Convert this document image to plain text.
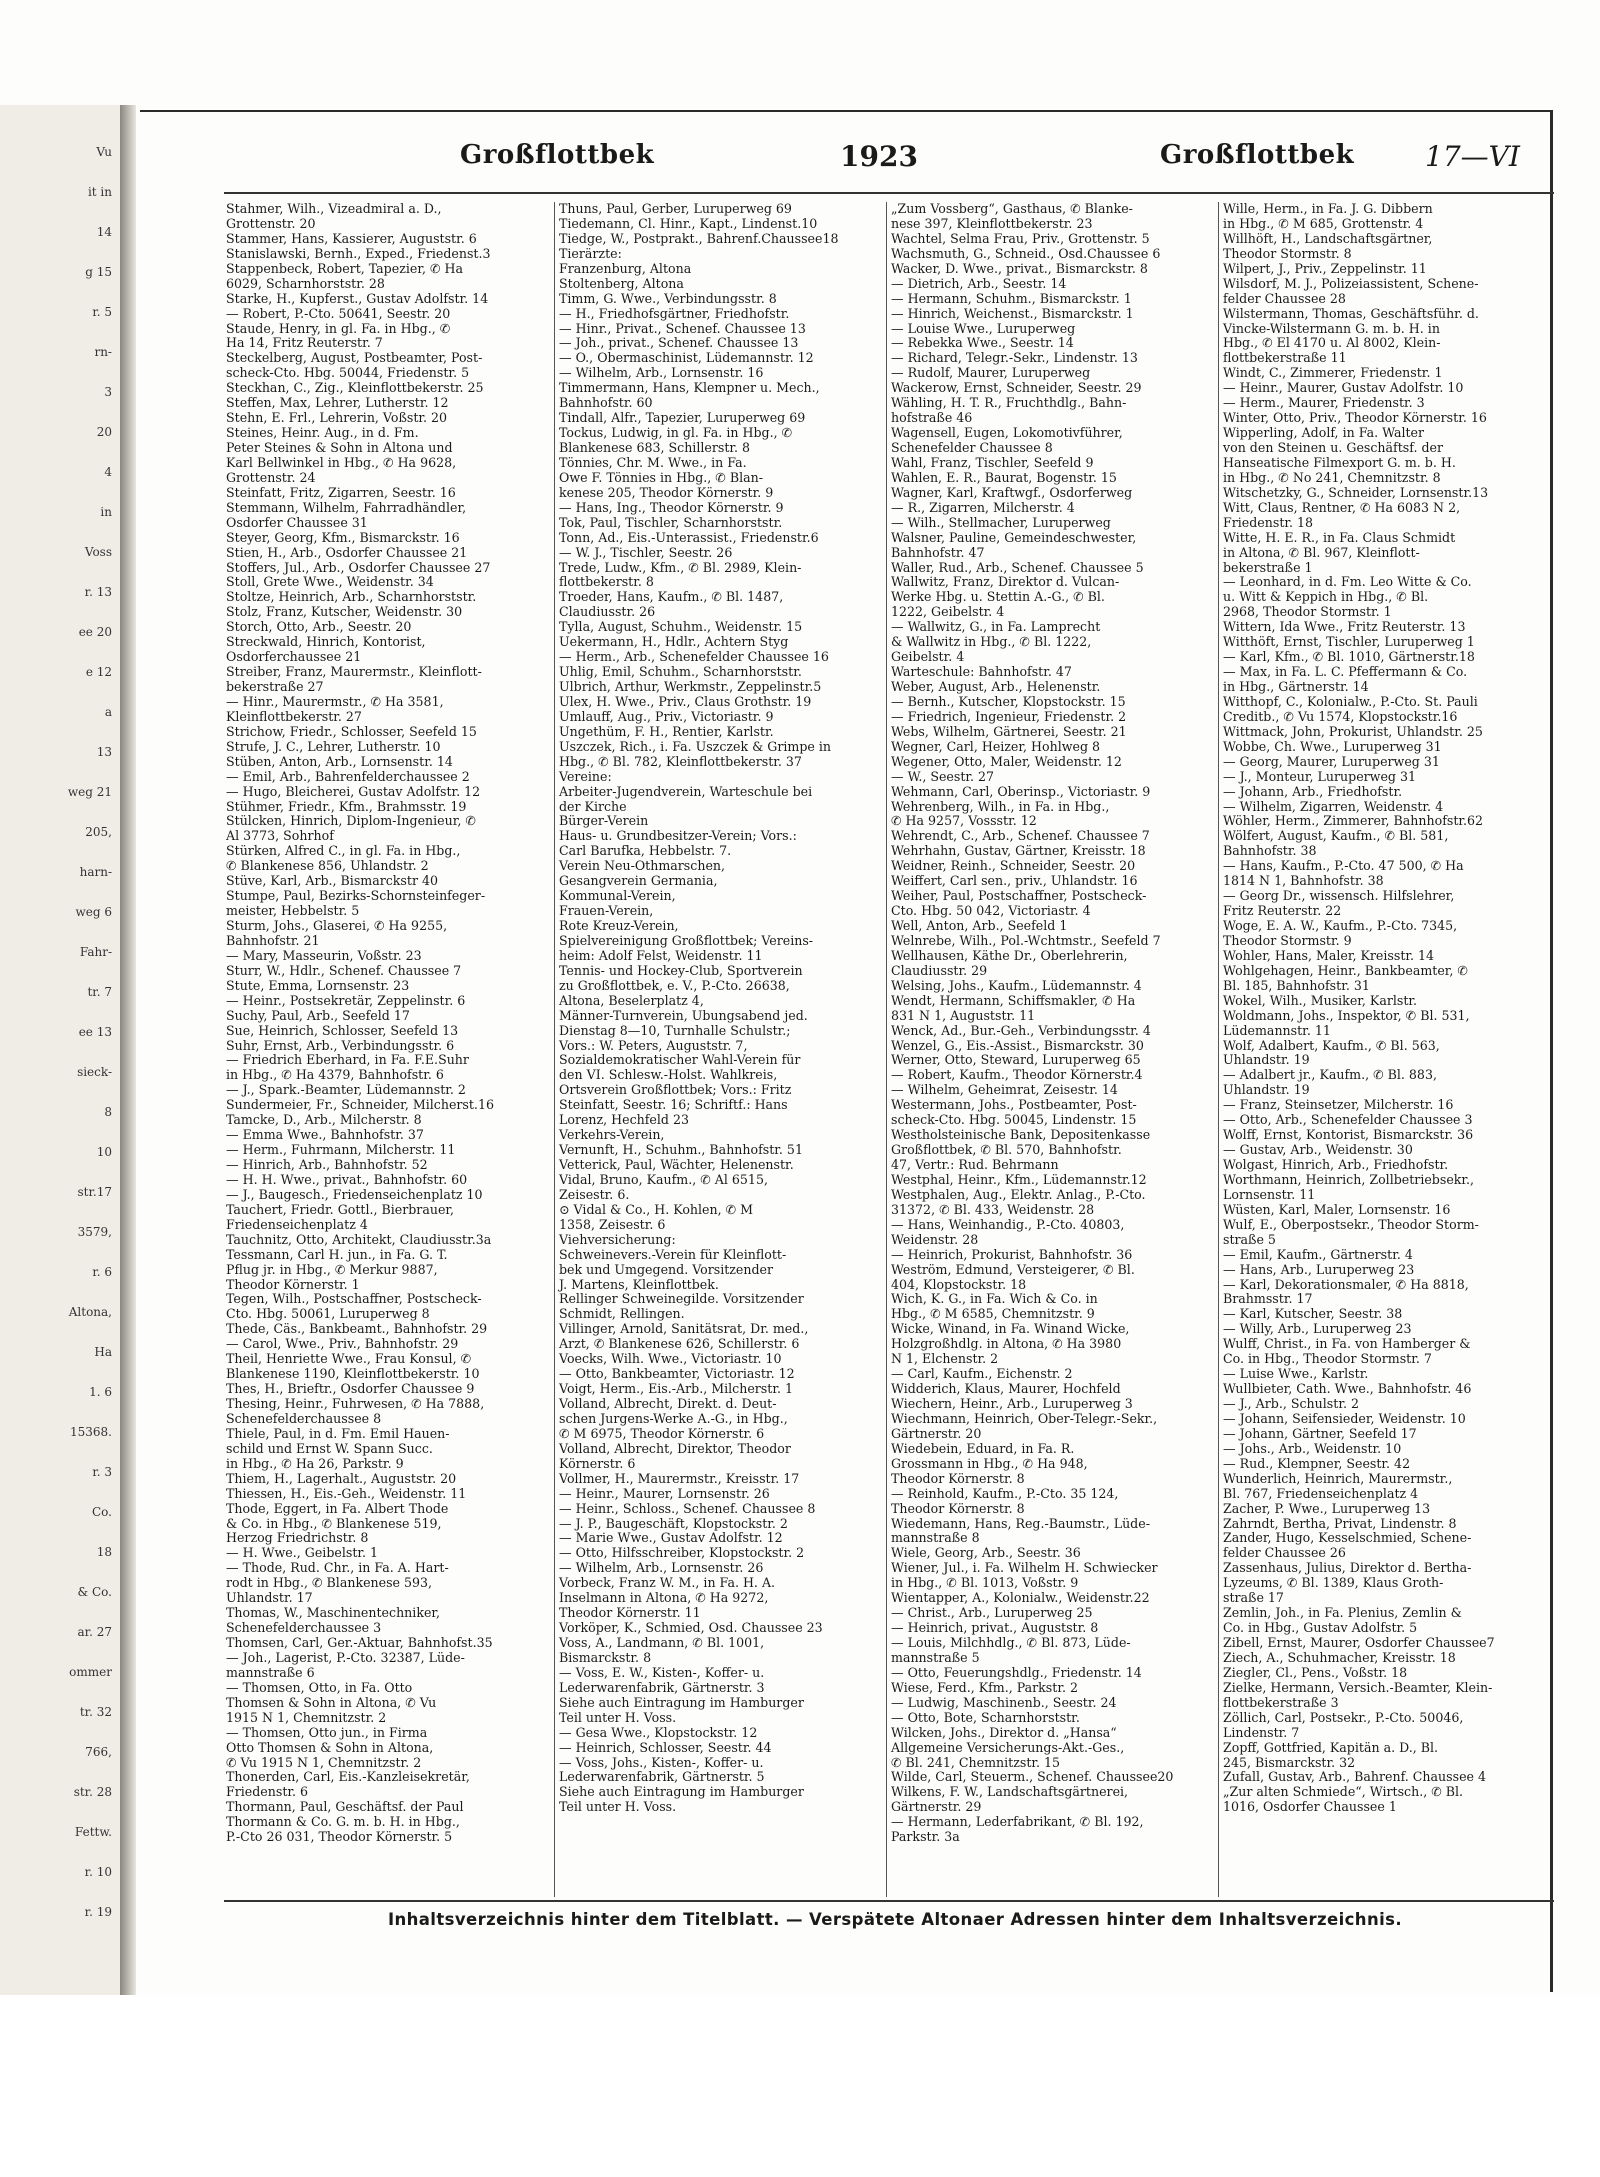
Vu
it in
14
g 15
r. 5
rn-
3
20
4
in
Voss
r. 13
ee 20
e 12
a
13
weg 21
205,
harn-
weg 6
Fahr-
tr. 7
ee 13
sieck-
8
10
str.17
3579,
r. 6
Altona,
Ha
1. 6
15368.
r. 3
Co.
18
& Co.
ar. 27
ommer
tr. 32
766,
str. 28
Fettw.
r. 10
r. 19
Großflottbek	1923	Großflottbek	17—VI
Stahmer, Wilh., Vizeadmiral a. D.,
Grottenstr. 20
Stammer, Hans, Kassierer, Auguststr. 6
Stanislawski, Bernh., Exped., Friedenst.3
Stappenbeck, Robert, Tapezier, ✆ Ha
6029, Scharnhorststr. 28
Starke, H., Kupferst., Gustav Adolfstr. 14
— Robert, P.-Cto. 50641, Seestr. 20
Staude, Henry, in gl. Fa. in Hbg., ✆
Ha 14, Fritz Reuterstr. 7
Steckelberg, August, Postbeamter, Post-
scheck-Cto. Hbg. 50044, Friedenstr. 5
Steckhan, C., Zig., Kleinflottbekerstr. 25
Steffen, Max, Lehrer, Lutherstr. 12
Stehn, E. Frl., Lehrerin, Voßstr. 20
Steines, Heinr. Aug., in d. Fm.
Peter Steines & Sohn in Altona und
Karl Bellwinkel in Hbg., ✆ Ha 9628,
Grottenstr. 24
Steinfatt, Fritz, Zigarren, Seestr. 16
Stemmann, Wilhelm, Fahrradhändler,
Osdorfer Chaussee 31
Steyer, Georg, Kfm., Bismarckstr. 16
Stien, H., Arb., Osdorfer Chaussee 21
Stoffers, Jul., Arb., Osdorfer Chaussee 27
Stoll, Grete Wwe., Weidenstr. 34
Stoltze, Heinrich, Arb., Scharnhorststr.
Stolz, Franz, Kutscher, Weidenstr. 30
Storch, Otto, Arb., Seestr. 20
Streckwald, Hinrich, Kontorist,
Osdorferchaussee 21
Streiber, Franz, Maurermstr., Kleinflott-
bekerstraße 27
— Hinr., Maurermstr., ✆ Ha 3581,
Kleinflottbekerstr. 27
Strichow, Friedr., Schlosser, Seefeld 15
Strufe, J. C., Lehrer, Lutherstr. 10
Stüben, Anton, Arb., Lornsenstr. 14
— Emil, Arb., Bahrenfelderchaussee 2
— Hugo, Bleicherei, Gustav Adolfstr. 12
Stühmer, Friedr., Kfm., Brahmsstr. 19
Stülcken, Hinrich, Diplom-Ingenieur, ✆
Al 3773, Sohrhof
Stürken, Alfred C., in gl. Fa. in Hbg.,
✆ Blankenese 856, Uhlandstr. 2
Stüve, Karl, Arb., Bismarckstr 40
Stumpe, Paul, Bezirks-Schornsteinfeger-
meister, Hebbelstr. 5
Sturm, Johs., Glaserei, ✆ Ha 9255,
Bahnhofstr. 21
— Mary, Masseurin, Voßstr. 23
Sturr, W., Hdlr., Schenef. Chaussee 7
Stute, Emma, Lornsenstr. 23
— Heinr., Postsekretär, Zeppelinstr. 6
Suchy, Paul, Arb., Seefeld 17
Sue, Heinrich, Schlosser, Seefeld 13
Suhr, Ernst, Arb., Verbindungsstr. 6
— Friedrich Eberhard, in Fa. F.E.Suhr
in Hbg., ✆ Ha 4379, Bahnhofstr. 6
— J., Spark.-Beamter, Lüdemannstr. 2
Sundermeier, Fr., Schneider, Milcherst.16
Tamcke, D., Arb., Milcherstr. 8
— Emma Wwe., Bahnhofstr. 37
— Herm., Fuhrmann, Milcherstr. 11
— Hinrich, Arb., Bahnhofstr. 52
— H. H. Wwe., privat., Bahnhofstr. 60
— J., Baugesch., Friedenseichenplatz 10
Tauchert, Friedr. Gottl., Bierbrauer,
Friedenseichenplatz 4
Tauchnitz, Otto, Architekt, Claudiusstr.3a
Tessmann, Carl H. jun., in Fa. G. T.
Pflug jr. in Hbg., ✆ Merkur 9887,
Theodor Körnerstr. 1
Tegen, Wilh., Postschaffner, Postscheck-
Cto. Hbg. 50061, Luruperweg 8
Thede, Cäs., Bankbeamt., Bahnhofstr. 29
— Carol, Wwe., Priv., Bahnhofstr. 29
Theil, Henriette Wwe., Frau Konsul, ✆
Blankenese 1190, Kleinflottbekerstr. 10
Thes, H., Brieftr., Osdorfer Chaussee 9
Thesing, Heinr., Fuhrwesen, ✆ Ha 7888,
Schenefelderchaussee 8
Thiele, Paul, in d. Fm. Emil Hauen-
schild und Ernst W. Spann Succ.
in Hbg., ✆ Ha 26, Parkstr. 9
Thiem, H., Lagerhalt., Auguststr. 20
Thiessen, H., Eis.-Geh., Weidenstr. 11
Thode, Eggert, in Fa. Albert Thode
& Co. in Hbg., ✆ Blankenese 519,
Herzog Friedrichstr. 8
— H. Wwe., Geibelstr. 1
— Thode, Rud. Chr., in Fa. A. Hart-
rodt in Hbg., ✆ Blankenese 593,
Uhlandstr. 17
Thomas, W., Maschinentechniker,
Schenefelderchaussee 3
Thomsen, Carl, Ger.-Aktuar, Bahnhofst.35
— Joh., Lagerist, P.-Cto. 32387, Lüde-
mannstraße 6
— Thomsen, Otto, in Fa. Otto
Thomsen & Sohn in Altona, ✆ Vu
1915 N 1, Chemnitzstr. 2
— Thomsen, Otto jun., in Firma
Otto Thomsen & Sohn in Altona,
✆ Vu 1915 N 1, Chemnitzstr. 2
Thonerden, Carl, Eis.-Kanzleisekretär,
Friedenstr. 6
Thormann, Paul, Geschäftsf. der Paul
Thormann & Co. G. m. b. H. in Hbg.,
P.-Cto 26 031, Theodor Körnerstr. 5
Thuns, Paul, Gerber, Luruperweg 69
Tiedemann, Cl. Hinr., Kapt., Lindenst.10
Tiedge, W., Postprakt., Bahrenf.Chaussee18
Tierärzte:
Franzenburg, Altona
Stoltenberg, Altona
Timm, G. Wwe., Verbindungsstr. 8
— H., Friedhofsgärtner, Friedhofstr.
— Hinr., Privat., Schenef. Chaussee 13
— Joh., privat., Schenef. Chaussee 13
— O., Obermaschinist, Lüdemannstr. 12
— Wilhelm, Arb., Lornsenstr. 16
Timmermann, Hans, Klempner u. Mech.,
Bahnhofstr. 60
Tindall, Alfr., Tapezier, Luruperweg 69
Tockus, Ludwig, in gl. Fa. in Hbg., ✆
Blankenese 683, Schillerstr. 8
Tönnies, Chr. M. Wwe., in Fa.
Owe F. Tönnies in Hbg., ✆ Blan-
kenese 205, Theodor Körnerstr. 9
— Hans, Ing., Theodor Körnerstr. 9
Tok, Paul, Tischler, Scharnhorststr.
Tonn, Ad., Eis.-Unterassist., Friedenstr.6
— W. J., Tischler, Seestr. 26
Trede, Ludw., Kfm., ✆ Bl. 2989, Klein-
flottbekerstr. 8
Troeder, Hans, Kaufm., ✆ Bl. 1487,
Claudiusstr. 26
Tylla, August, Schuhm., Weidenstr. 15
Uekermann, H., Hdlr., Achtern Styg
— Herm., Arb., Schenefelder Chaussee 16
Uhlig, Emil, Schuhm., Scharnhorststr.
Ulbrich, Arthur, Werkmstr., Zeppelinstr.5
Ulex, H. Wwe., Priv., Claus Grothstr. 19
Umlauff, Aug., Priv., Victoriastr. 9
Ungethüm, F. H., Rentier, Karlstr.
Uszczek, Rich., i. Fa. Uszczek & Grimpe in
Hbg., ✆ Bl. 782, Kleinflottbekerstr. 37
Vereine:
Arbeiter-Jugendverein, Warteschule bei
der Kirche
Bürger-Verein
Haus- u. Grundbesitzer-Verein; Vors.:
Carl Barufka, Hebbelstr. 7.
Verein Neu-Othmarschen,
Gesangverein Germania,
Kommunal-Verein,
Frauen-Verein,
Rote Kreuz-Verein,
Spielvereinigung Großflottbek; Vereins-
heim: Adolf Felst, Weidenstr. 11
Tennis- und Hockey-Club, Sportverein
zu Großflottbek, e. V., P.-Cto. 26638,
Altona, Beselerplatz 4,
Männer-Turnverein, Übungsabend jed.
Dienstag 8—10, Turnhalle Schulstr.;
Vors.: W. Peters, Auguststr. 7,
Sozialdemokratischer Wahl-Verein für
den VI. Schlesw.-Holst. Wahlkreis,
Ortsverein Großflottbek; Vors.: Fritz
Steinfatt, Seestr. 16; Schriftf.: Hans
Lorenz, Hechfeld 23
Verkehrs-Verein,
Vernunft, H., Schuhm., Bahnhofstr. 51
Vetterick, Paul, Wächter, Helenenstr.
Vidal, Bruno, Kaufm., ✆ Al 6515,
Zeisestr. 6.
⊙ Vidal & Co., H. Kohlen, ✆ M
1358, Zeisestr. 6
Viehversicherung:
Schweinevers.-Verein für Kleinflott-
bek und Umgegend. Vorsitzender
J. Martens, Kleinflottbek.
Rellinger Schweinegilde. Vorsitzender
Schmidt, Rellingen.
Villinger, Arnold, Sanitätsrat, Dr. med.,
Arzt, ✆ Blankenese 626, Schillerstr. 6
Voecks, Wilh. Wwe., Victoriastr. 10
— Otto, Bankbeamter, Victoriastr. 12
Voigt, Herm., Eis.-Arb., Milcherstr. 1
Volland, Albrecht, Direkt. d. Deut-
schen Jurgens-Werke A.-G., in Hbg.,
✆ M 6975, Theodor Körnerstr. 6
Volland, Albrecht, Direktor, Theodor
Körnerstr. 6
Vollmer, H., Maurermstr., Kreisstr. 17
— Heinr., Maurer, Lornsenstr. 26
— Heinr., Schloss., Schenef. Chaussee 8
— J. P., Baugeschäft, Klopstockstr. 2
— Marie Wwe., Gustav Adolfstr. 12
— Otto, Hilfsschreiber, Klopstockstr. 2
— Wilhelm, Arb., Lornsenstr. 26
Vorbeck, Franz W. M., in Fa. H. A.
Inselmann in Altona, ✆ Ha 9272,
Theodor Körnerstr. 11
Vorköper, K., Schmied, Osd. Chaussee 23
Voss, A., Landmann, ✆ Bl. 1001,
Bismarckstr. 8
— Voss, E. W., Kisten-, Koffer- u.
Lederwarenfabrik, Gärtnerstr. 3
Siehe auch Eintragung im Hamburger
Teil unter H. Voss.
— Gesa Wwe., Klopstockstr. 12
— Heinrich, Schlosser, Seestr. 44
— Voss, Johs., Kisten-, Koffer- u.
Lederwarenfabrik, Gärtnerstr. 5
Siehe auch Eintragung im Hamburger
Teil unter H. Voss.
„Zum Vossberg“, Gasthaus, ✆ Blanke-
nese 397, Kleinflottbekerstr. 23
Wachtel, Selma Frau, Priv., Grottenstr. 5
Wachsmuth, G., Schneid., Osd.Chaussee 6
Wacker, D. Wwe., privat., Bismarckstr. 8
— Dietrich, Arb., Seestr. 14
— Hermann, Schuhm., Bismarckstr. 1
— Hinrich, Weichenst., Bismarckstr. 1
— Louise Wwe., Luruperweg
— Rebekka Wwe., Seestr. 14
— Richard, Telegr.-Sekr., Lindenstr. 13
— Rudolf, Maurer, Luruperweg
Wackerow, Ernst, Schneider, Seestr. 29
Wähling, H. T. R., Fruchthdlg., Bahn-
hofstraße 46
Wagensell, Eugen, Lokomotivführer,
Schenefelder Chaussee 8
Wahl, Franz, Tischler, Seefeld 9
Wahlen, E. R., Baurat, Bogenstr. 15
Wagner, Karl, Kraftwgf., Osdorferweg
— R., Zigarren, Milcherstr. 4
— Wilh., Stellmacher, Luruperweg
Walsner, Pauline, Gemeindeschwester,
Bahnhofstr. 47
Waller, Rud., Arb., Schenef. Chaussee 5
Wallwitz, Franz, Direktor d. Vulcan-
Werke Hbg. u. Stettin A.-G., ✆ Bl.
1222, Geibelstr. 4
— Wallwitz, G., in Fa. Lamprecht
& Wallwitz in Hbg., ✆ Bl. 1222,
Geibelstr. 4
Warteschule: Bahnhofstr. 47
Weber, August, Arb., Helenenstr.
— Bernh., Kutscher, Klopstockstr. 15
— Friedrich, Ingenieur, Friedenstr. 2
Webs, Wilhelm, Gärtnerei, Seestr. 21
Wegner, Carl, Heizer, Hohlweg 8
Wegener, Otto, Maler, Weidenstr. 12
— W., Seestr. 27
Wehmann, Carl, Oberinsp., Victoriastr. 9
Wehrenberg, Wilh., in Fa. in Hbg.,
✆ Ha 9257, Vossstr. 12
Wehrendt, C., Arb., Schenef. Chaussee 7
Wehrhahn, Gustav, Gärtner, Kreisstr. 18
Weidner, Reinh., Schneider, Seestr. 20
Weiffert, Carl sen., priv., Uhlandstr. 16
Weiher, Paul, Postschaffner, Postscheck-
Cto. Hbg. 50 042, Victoriastr. 4
Well, Anton, Arb., Seefeld 1
Welnrebe, Wilh., Pol.-Wchtmstr., Seefeld 7
Wellhausen, Käthe Dr., Oberlehrerin,
Claudiusstr. 29
Welsing, Johs., Kaufm., Lüdemannstr. 4
Wendt, Hermann, Schiffsmakler, ✆ Ha
831 N 1, Auguststr. 11
Wenck, Ad., Bur.-Geh., Verbindungsstr. 4
Wenzel, G., Eis.-Assist., Bismarckstr. 30
Werner, Otto, Steward, Luruperweg 65
— Robert, Kaufm., Theodor Körnerstr.4
— Wilhelm, Geheimrat, Zeisestr. 14
Westermann, Johs., Postbeamter, Post-
scheck-Cto. Hbg. 50045, Lindenstr. 15
Westholsteinische Bank, Depositenkasse
Großflottbek, ✆ Bl. 570, Bahnhofstr.
47, Vertr.: Rud. Behrmann
Westphal, Heinr., Kfm., Lüdemannstr.12
Westphalen, Aug., Elektr. Anlag., P.-Cto.
31372, ✆ Bl. 433, Weidenstr. 28
— Hans, Weinhandig., P.-Cto. 40803,
Weidenstr. 28
— Heinrich, Prokurist, Bahnhofstr. 36
Weström, Edmund, Versteigerer, ✆ Bl.
404, Klopstockstr. 18
Wich, K. G., in Fa. Wich & Co. in
Hbg., ✆ M 6585, Chemnitzstr. 9
Wicke, Winand, in Fa. Winand Wicke,
Holzgroßhdlg. in Altona, ✆ Ha 3980
N 1, Elchenstr. 2
— Carl, Kaufm., Eichenstr. 2
Widderich, Klaus, Maurer, Hochfeld
Wiechern, Heinr., Arb., Luruperweg 3
Wiechmann, Heinrich, Ober-Telegr.-Sekr.,
Gärtnerstr. 20
Wiedebein, Eduard, in Fa. R.
Grossmann in Hbg., ✆ Ha 948,
Theodor Körnerstr. 8
— Reinhold, Kaufm., P.-Cto. 35 124,
Theodor Körnerstr. 8
Wiedemann, Hans, Reg.-Baumstr., Lüde-
mannstraße 8
Wiele, Georg, Arb., Seestr. 36
Wiener, Jul., i. Fa. Wilhelm H. Schwiecker
in Hbg., ✆ Bl. 1013, Voßstr. 9
Wientapper, A., Kolonialw., Weidenstr.22
— Christ., Arb., Luruperweg 25
— Heinrich, privat., Auguststr. 8
— Louis, Milchhdlg., ✆ Bl. 873, Lüde-
mannstraße 5
— Otto, Feuerungshdlg., Friedenstr. 14
Wiese, Ferd., Kfm., Parkstr. 2
— Ludwig, Maschinenb., Seestr. 24
— Otto, Bote, Scharnhorststr.
Wilcken, Johs., Direktor d. „Hansa“
Allgemeine Versicherungs-Akt.-Ges.,
✆ Bl. 241, Chemnitzstr. 15
Wilde, Carl, Steuerm., Schenef. Chaussee20
Wilkens, F. W., Landschaftsgärtnerei,
Gärtnerstr. 29
— Hermann, Lederfabrikant, ✆ Bl. 192,
Parkstr. 3a
Wille, Herm., in Fa. J. G. Dibbern
in Hbg., ✆ M 685, Grottenstr. 4
Willhöft, H., Landschaftsgärtner,
Theodor Stormstr. 8
Wilpert, J., Priv., Zeppelinstr. 11
Wilsdorf, M. J., Polizeiassistent, Schene-
felder Chaussee 28
Wilstermann, Thomas, Geschäftsführ. d.
Vincke-Wilstermann G. m. b. H. in
Hbg., ✆ El 4170 u. Al 8002, Klein-
flottbekerstraße 11
Windt, C., Zimmerer, Friedenstr. 1
— Heinr., Maurer, Gustav Adolfstr. 10
— Herm., Maurer, Friedenstr. 3
Winter, Otto, Priv., Theodor Körnerstr. 16
Wipperling, Adolf, in Fa. Walter
von den Steinen u. Geschäftsf. der
Hanseatische Filmexport G. m. b. H.
in Hbg., ✆ No 241, Chemnitzstr. 8
Witschetzky, G., Schneider, Lornsenstr.13
Witt, Claus, Rentner, ✆ Ha 6083 N 2,
Friedenstr. 18
Witte, H. E. R., in Fa. Claus Schmidt
in Altona, ✆ Bl. 967, Kleinflott-
bekerstraße 1
— Leonhard, in d. Fm. Leo Witte & Co.
u. Witt & Keppich in Hbg., ✆ Bl.
2968, Theodor Stormstr. 1
Wittern, Ida Wwe., Fritz Reuterstr. 13
Witthöft, Ernst, Tischler, Luruperweg 1
— Karl, Kfm., ✆ Bl. 1010, Gärtnerstr.18
— Max, in Fa. L. C. Pfeffermann & Co.
in Hbg., Gärtnerstr. 14
Witthopf, C., Kolonialw., P.-Cto. St. Pauli
Creditb., ✆ Vu 1574, Klopstockstr.16
Wittmack, John, Prokurist, Uhlandstr. 25
Wobbe, Ch. Wwe., Luruperweg 31
— Georg, Maurer, Luruperweg 31
— J., Monteur, Luruperweg 31
— Johann, Arb., Friedhofstr.
— Wilhelm, Zigarren, Weidenstr. 4
Wöhler, Herm., Zimmerer, Bahnhofstr.62
Wölfert, August, Kaufm., ✆ Bl. 581,
Bahnhofstr. 38
— Hans, Kaufm., P.-Cto. 47 500, ✆ Ha
1814 N 1, Bahnhofstr. 38
— Georg Dr., wissensch. Hilfslehrer,
Fritz Reuterstr. 22
Woge, E. A. W., Kaufm., P.-Cto. 7345,
Theodor Stormstr. 9
Wohler, Hans, Maler, Kreisstr. 14
Wohlgehagen, Heinr., Bankbeamter, ✆
Bl. 185, Bahnhofstr. 31
Wokel, Wilh., Musiker, Karlstr.
Woldmann, Johs., Inspektor, ✆ Bl. 531,
Lüdemannstr. 11
Wolf, Adalbert, Kaufm., ✆ Bl. 563,
Uhlandstr. 19
— Adalbert jr., Kaufm., ✆ Bl. 883,
Uhlandstr. 19
— Franz, Steinsetzer, Milcherstr. 16
— Otto, Arb., Schenefelder Chaussee 3
Wolff, Ernst, Kontorist, Bismarckstr. 36
— Gustav, Arb., Weidenstr. 30
Wolgast, Hinrich, Arb., Friedhofstr.
Worthmann, Heinrich, Zollbetriebsekr.,
Lornsenstr. 11
Wüsten, Karl, Maler, Lornsenstr. 16
Wulf, E., Oberpostsekr., Theodor Storm-
straße 5
— Emil, Kaufm., Gärtnerstr. 4
— Hans, Arb., Luruperweg 23
— Karl, Dekorationsmaler, ✆ Ha 8818,
Brahmsstr. 17
— Karl, Kutscher, Seestr. 38
— Willy, Arb., Luruperweg 23
Wulff, Christ., in Fa. von Hamberger &
Co. in Hbg., Theodor Stormstr. 7
— Luise Wwe., Karlstr.
Wullbieter, Cath. Wwe., Bahnhofstr. 46
— J., Arb., Schulstr. 2
— Johann, Seifensieder, Weidenstr. 10
— Johann, Gärtner, Seefeld 17
— Johs., Arb., Weidenstr. 10
— Rud., Klempner, Seestr. 42
Wunderlich, Heinrich, Maurermstr.,
Bl. 767, Friedenseichenplatz 4
Zacher, P. Wwe., Luruperweg 13
Zahrndt, Bertha, Privat, Lindenstr. 8
Zander, Hugo, Kesselschmied, Schene-
felder Chaussee 26
Zassenhaus, Julius, Direktor d. Bertha-
Lyzeums, ✆ Bl. 1389, Klaus Groth-
straße 17
Zemlin, Joh., in Fa. Plenius, Zemlin &
Co. in Hbg., Gustav Adolfstr. 5
Zibell, Ernst, Maurer, Osdorfer Chaussee7
Ziech, A., Schuhmacher, Kreisstr. 18
Ziegler, Cl., Pens., Voßstr. 18
Zielke, Hermann, Versich.-Beamter, Klein-
flottbekerstraße 3
Zöllich, Carl, Postsekr., P.-Cto. 50046,
Lindenstr. 7
Zopff, Gottfried, Kapitän a. D., Bl.
245, Bismarckstr. 32
Zufall, Gustav, Arb., Bahrenf. Chaussee 4
„Zur alten Schmiede“, Wirtsch., ✆ Bl.
1016, Osdorfer Chaussee 1
Inhaltsverzeichnis hinter dem Titelblatt. — Verspätete Altonaer Adressen hinter dem Inhaltsverzeichnis.
